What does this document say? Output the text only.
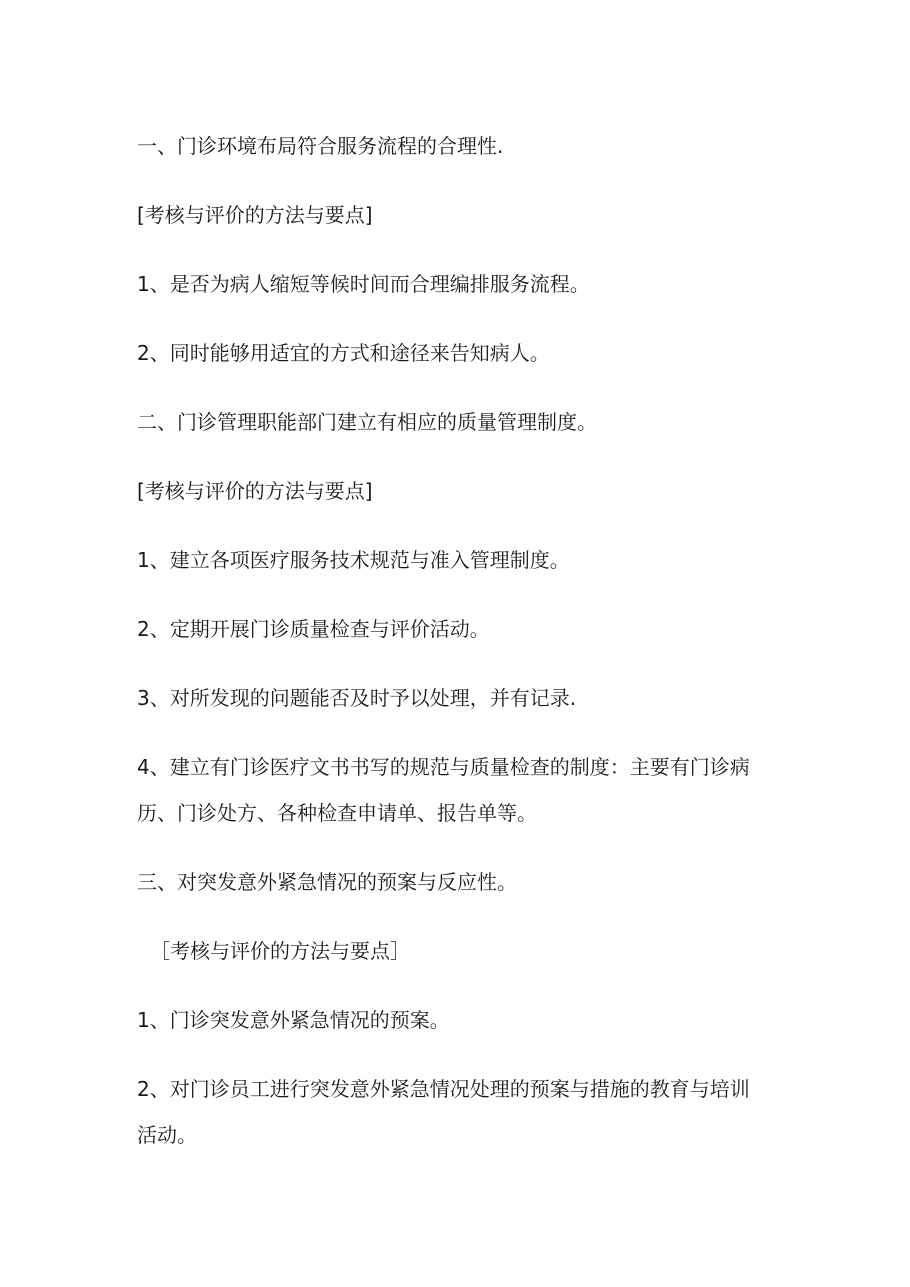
一、门诊环境布局符合服务流程的合理性.
[考核与评价的方法与要点]
1、是否为病人缩短等候时间而合理编排服务流程。
2、同时能够用适宜的方式和途径来告知病人。
二、门诊管理职能部门建立有相应的质量管理制度。
[考核与评价的方法与要点]
1、建立各项医疗服务技术规范与准入管理制度。
2、定期开展门诊质量检查与评价活动。
3、对所发现的问题能否及时予以处理，并有记录.
4、建立有门诊医疗文书书写的规范与质量检查的制度：主要有门诊病
历、门诊处方、各种检查申请单、报告单等。
三、对突发意外紧急情况的预案与反应性。
［考核与评价的方法与要点］
1、门诊突发意外紧急情况的预案。
2、对门诊员工进行突发意外紧急情况处理的预案与措施的教育与培训
活动。
